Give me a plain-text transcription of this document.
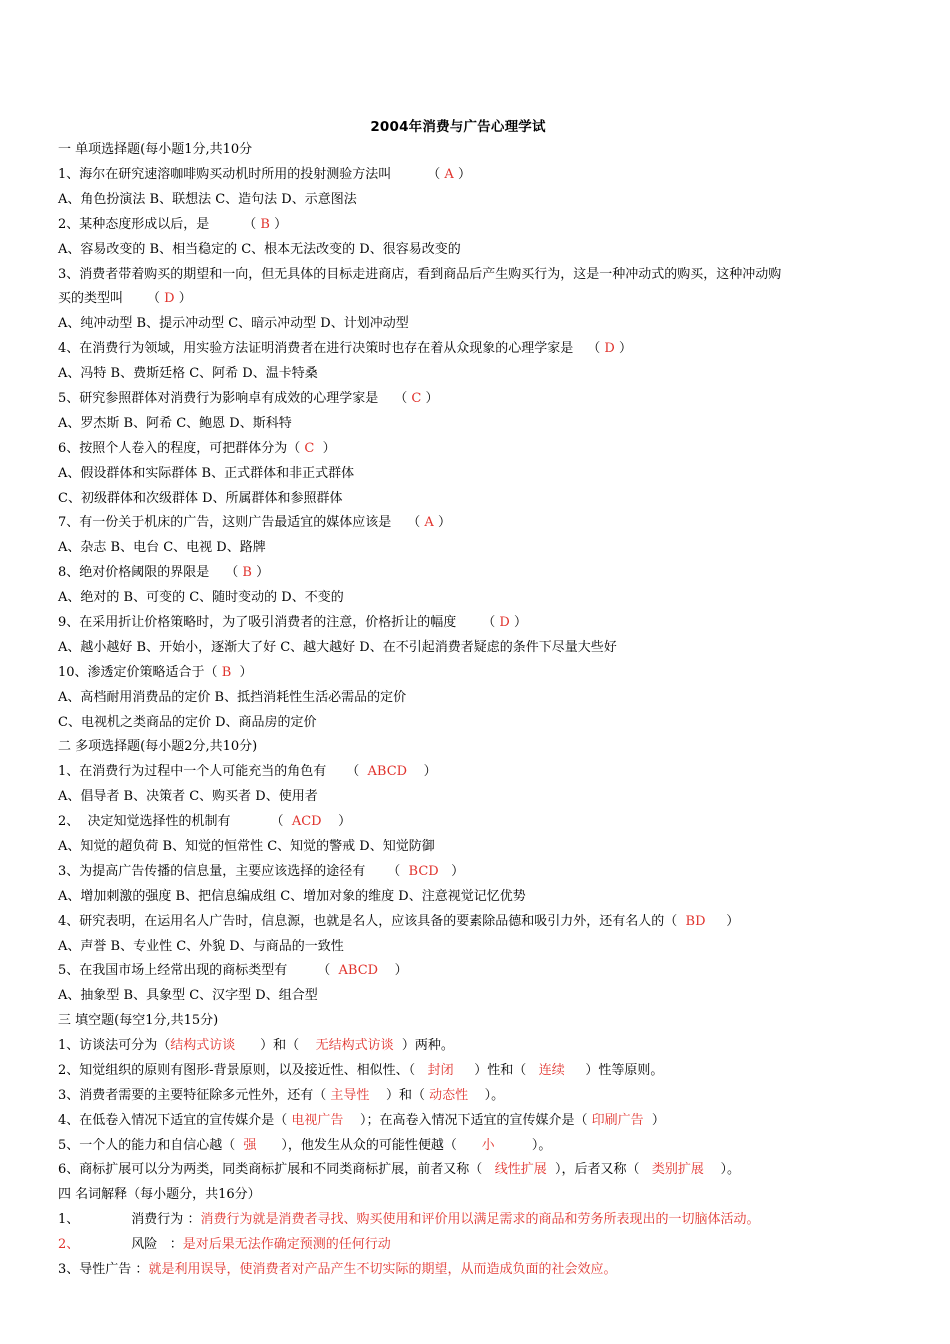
2004年消费与广告心理学试
一 单项选择题(每小题1分,共10分
1、海尔在研究速溶咖啡购买动机时所用的投射测验方法叫	（ A ）
A、角色扮演法 B、联想法 C、造句法 D、示意图法
2、某种态度形成以后，是	（ B ）
A、容易改变的 B、相当稳定的 C、根本无法改变的 D、很容易改变的
3、消费者带着购买的期望和一向，但无具体的目标走进商店，看到商品后产生购买行为，这是一种冲动式的购买，这种冲动购
买的类型叫 （ D ）
A、纯冲动型 B、提示冲动型 C、暗示冲动型 D、计划冲动型
4、在消费行为领域，用实验方法证明消费者在进行决策时也存在着从众现象的心理学家是 （ D ）
A、冯特 B、费斯廷格 C、阿希 D、温卡特桑
5、研究参照群体对消费行为影响卓有成效的心理学家是 （ C ）
A、罗杰斯 B、阿希 C、鲍恩 D、斯科特
6、按照个人卷入的程度，可把群体分为（ C  ）
A、假设群体和实际群体 B、正式群体和非正式群体
C、初级群体和次级群体 D、所属群体和参照群体
7、有一份关于机床的广告，这则广告最适宜的媒体应该是 （ A ）
A、杂志 B、电台 C、电视 D、路牌
8、绝对价格阈限的界限是 （ B ）
A、绝对的 B、可变的 C、随时变动的 D、不变的
9、在采用折让价格策略时，为了吸引消费者的注意，价格折让的幅度 （ D ）
A、越小越好 B、开始小，逐渐大了好 C、越大越好 D、在不引起消费者疑虑的条件下尽量大些好
10、渗透定价策略适合于（ B  ）
A、高档耐用消费品的定价 B、抵挡消耗性生活必需品的定价
C、电视机之类商品的定价 D、商品房的定价
二 多项选择题(每小题2分,共10分)
1、在消费行为过程中一个人可能充当的角色有 （  ABCD    ）
A、倡导者 B、决策者 C、购买者 D、使用者
2、  决定知觉选择性的机制有	（  ACD    ）
A、知觉的超负荷 B、知觉的恒常性 C、知觉的警戒 D、知觉防御
3、为提高广告传播的信息量，主要应该选择的途径有 （  BCD   ）
A、增加刺激的强度 B、把信息编成组 C、增加对象的维度 D、注意视觉记忆优势
4、研究表明，在运用名人广告时，信息源，也就是名人，应该具备的要素除品德和吸引力外，还有名人的（ BD     ）
A、声誉 B、专业性 C、外貌 D、与商品的一致性
5、在我国市场上经常出现的商标类型有 （  ABCD    ）
A、抽象型 B、具象型 C、汉字型 D、组合型
三 填空题(每空1分,共15分)
1、访谈法可分为（结构式访谈 ）和（ 无结构式访谈 ）两种。
2、知觉组织的原则有图形-背景原则，以及接近性、相似性、（ 封闭 ）性和（ 连续 ）性等原则。
3、消费者需要的主要特征除多元性外，还有（ 主导性 ）和（ 动态性 ）。
4、在低卷入情况下适宜的宣传媒介是（ 电视广告 ）；在高卷入情况下适宜的宣传媒介是（ 印刷广告 ）
5、一个人的能力和自信心越（ 强 ），他发生从众的可能性便越（ 小	）。
6、商标扩展可以分为两类，同类商标扩展和不同类商标扩展，前者又称（ 线性扩展 ），后者又称（ 类别扩展 ）。
四 名词解释（每小题分，共16分）
1、	消费行为 ：消费行为就是消费者寻找、购买使用和评价用以满足需求的商品和劳务所表现出的一切脑体活动。
2、	风险 ：是对后果无法作确定预测的任何行动
3、导性广告 ：就是利用误导，使消费者对产品产生不切实际的期望，从而造成负面的社会效应。
